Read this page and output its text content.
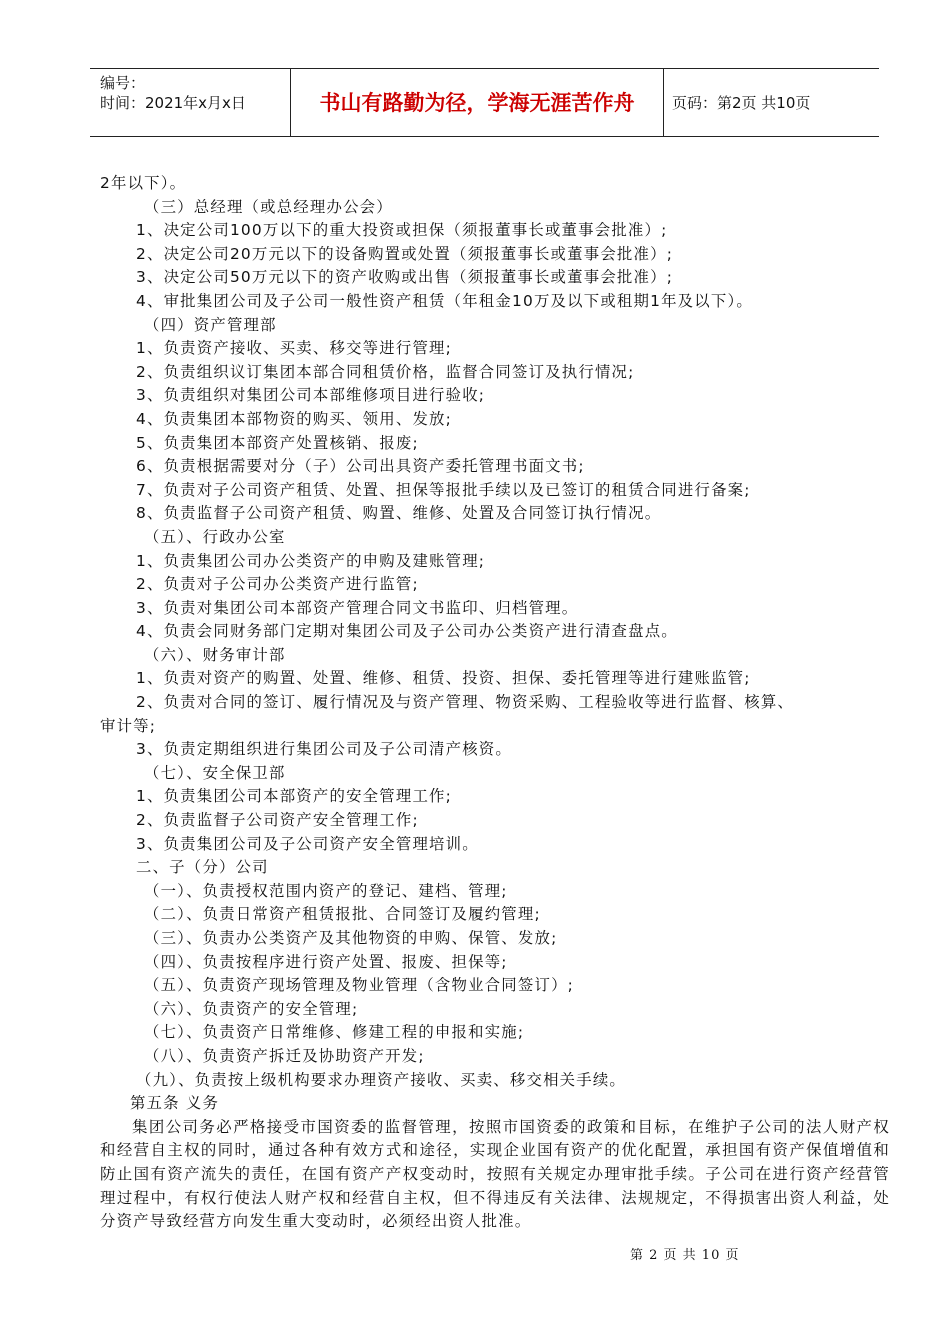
编号：
时间：2021年x月x日	书山有路勤为径，学海无涯苦作舟	页码：第2页 共10页

2年以下）。

（三）总经理（或总经理办公会）

1、决定公司100万以下的重大投资或担保（须报董事长或董事会批准）;

2、决定公司20万元以下的设备购置或处置（须报董事长或董事会批准）;

3、决定公司50万元以下的资产收购或出售（须报董事长或董事会批准）;

4、审批集团公司及子公司一般性资产租赁（年租金10万及以下或租期1年及以下）。

（四）资产管理部

1、负责资产接收、买卖、移交等进行管理;

2、负责组织议订集团本部合同租赁价格，监督合同签订及执行情况;

3、负责组织对集团公司本部维修项目进行验收;

4、负责集团本部物资的购买、领用、发放;

5、负责集团本部资产处置核销、报废;

6、负责根据需要对分（子）公司出具资产委托管理书面文书;

7、负责对子公司资产租赁、处置、担保等报批手续以及已签订的租赁合同进行备案;

8、负责监督子公司资产租赁、购置、维修、处置及合同签订执行情况。

（五）、行政办公室

1、负责集团公司办公类资产的申购及建账管理;

2、负责对子公司办公类资产进行监管;

3、负责对集团公司本部资产管理合同文书监印、归档管理。

4、负责会同财务部门定期对集团公司及子公司办公类资产进行清查盘点。

（六）、财务审计部

1、负责对资产的购置、处置、维修、租赁、投资、担保、委托管理等进行建账监管;

2、负责对合同的签订、履行情况及与资产管理、物资采购、工程验收等进行监督、核算、

审计等;

3、负责定期组织进行集团公司及子公司清产核资。

（七）、安全保卫部

1、负责集团公司本部资产的安全管理工作;

2、负责监督子公司资产安全管理工作;

3、负责集团公司及子公司资产安全管理培训。

二、子（分）公司

（一）、负责授权范围内资产的登记、建档、管理;

（二）、负责日常资产租赁报批、合同签订及履约管理;

（三）、负责办公类资产及其他物资的申购、保管、发放;

（四）、负责按程序进行资产处置、报废、担保等;

（五）、负责资产现场管理及物业管理（含物业合同签订）;

（六）、负责资产的安全管理;

（七）、负责资产日常维修、修建工程的申报和实施;

（八）、负责资产拆迁及协助资产开发;

（九）、负责按上级机构要求办理资产接收、买卖、移交相关手续。

第五条 义务

集团公司务必严格接受市国资委的监督管理，按照市国资委的政策和目标，在维护子公司的法人财产权和经营自主权的同时，通过各种有效方式和途径，实现企业国有资产的优化配置，承担国有资产保值增值和防止国有资产流失的责任，在国有资产产权变动时，按照有关规定办理审批手续。子公司在进行资产经营管理过程中，有权行使法人财产权和经营自主权，但不得违反有关法律、法规规定，不得损害出资人利益，处分资产导致经营方向发生重大变动时，必须经出资人批准。

第 2 页 共 10 页
